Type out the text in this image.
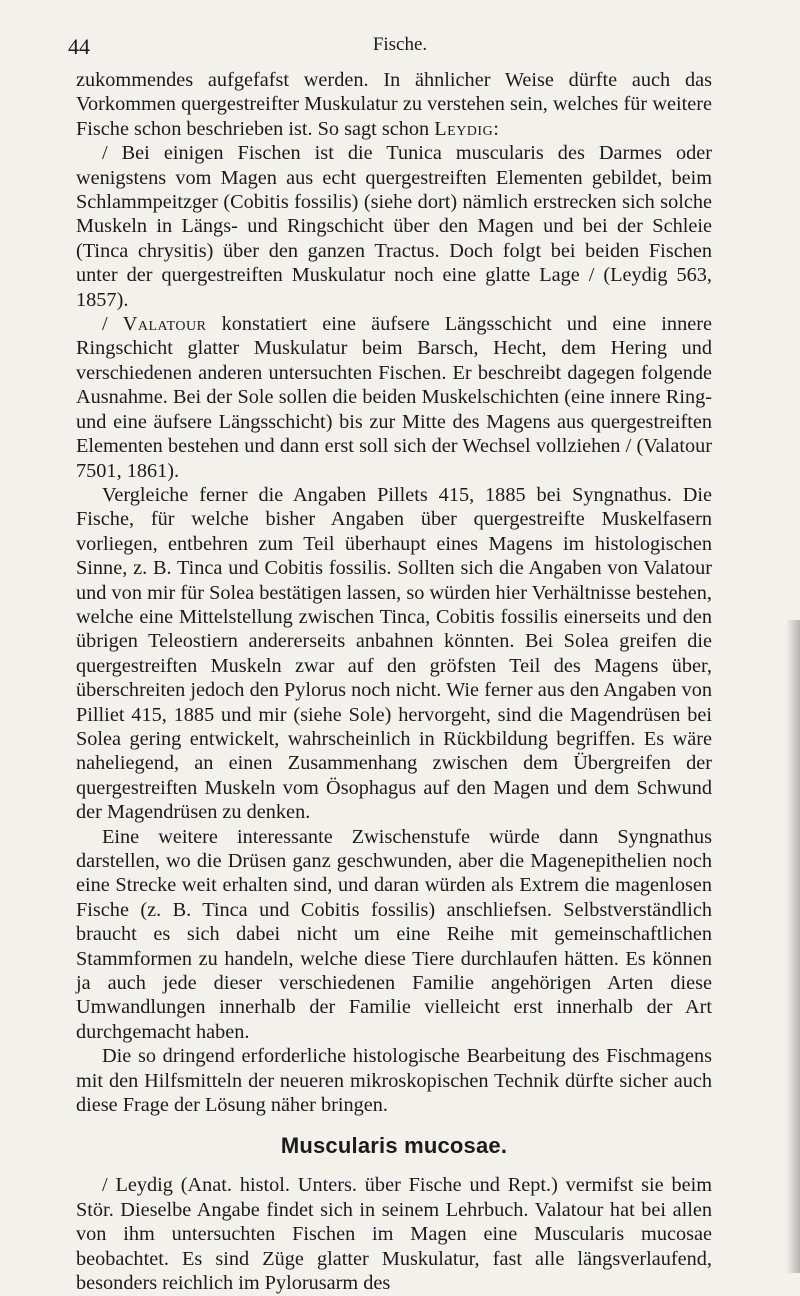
44	Fische.

zukommendes aufgefafst werden. In ähnlicher Weise dürfte auch das Vorkommen quergestreifter Muskulatur zu verstehen sein, welches für weitere Fische schon beschrieben ist. So sagt schon Leydig:

/ Bei einigen Fischen ist die Tunica muscularis des Darmes oder wenigstens vom Magen aus echt quergestreiften Elementen gebildet, beim Schlammpeitzger (Cobitis fossilis) (siehe dort) nämlich erstrecken sich solche Muskeln in Längs- und Ringschicht über den Magen und bei der Schleie (Tinca chrysitis) über den ganzen Tractus. Doch folgt bei beiden Fischen unter der quergestreiften Muskulatur noch eine glatte Lage / (Leydig 563, 1857).

/ Valatour konstatiert eine äufsere Längsschicht und eine innere Ringschicht glatter Muskulatur beim Barsch, Hecht, dem Hering und verschiedenen anderen untersuchten Fischen. Er beschreibt dagegen folgende Ausnahme. Bei der Sole sollen die beiden Muskelschichten (eine innere Ring- und eine äufsere Längsschicht) bis zur Mitte des Magens aus quergestreiften Elementen bestehen und dann erst soll sich der Wechsel vollziehen / (Valatour 7501, 1861).

Vergleiche ferner die Angaben Pillets 415, 1885 bei Syngnathus. Die Fische, für welche bisher Angaben über quergestreifte Muskelfasern vorliegen, entbehren zum Teil überhaupt eines Magens im histologischen Sinne, z. B. Tinca und Cobitis fossilis. Sollten sich die Angaben von Valatour und von mir für Solea bestätigen lassen, so würden hier Verhältnisse bestehen, welche eine Mittelstellung zwischen Tinca, Cobitis fossilis einerseits und den übrigen Teleostiern andererseits anbahnen könnten. Bei Solea greifen die quergestreiften Muskeln zwar auf den gröfsten Teil des Magens über, überschreiten jedoch den Pylorus noch nicht. Wie ferner aus den Angaben von Pilliet 415, 1885 und mir (siehe Sole) hervorgeht, sind die Magendrüsen bei Solea gering entwickelt, wahrscheinlich in Rückbildung begriffen. Es wäre naheliegend, an einen Zusammenhang zwischen dem Übergreifen der quergestreiften Muskeln vom Ösophagus auf den Magen und dem Schwund der Magendrüsen zu denken.

Eine weitere interessante Zwischenstufe würde dann Syngnathus darstellen, wo die Drüsen ganz geschwunden, aber die Magenepithelien noch eine Strecke weit erhalten sind, und daran würden als Extrem die magenlosen Fische (z. B. Tinca und Cobitis fossilis) anschliefsen. Selbstverständlich braucht es sich dabei nicht um eine Reihe mit gemeinschaftlichen Stammformen zu handeln, welche diese Tiere durchlaufen hätten. Es können ja auch jede dieser verschiedenen Familie angehörigen Arten diese Umwandlungen innerhalb der Familie vielleicht erst innerhalb der Art durchgemacht haben.

Die so dringend erforderliche histologische Bearbeitung des Fischmagens mit den Hilfsmitteln der neueren mikroskopischen Technik dürfte sicher auch diese Frage der Lösung näher bringen.

Muscularis mucosae.

/ Leydig (Anat. histol. Unters. über Fische und Rept.) vermifst sie beim Stör. Dieselbe Angabe findet sich in seinem Lehrbuch. Valatour hat bei allen von ihm untersuchten Fischen im Magen eine Muscularis mucosae beobachtet. Es sind Züge glatter Muskulatur, fast alle längsverlaufend, besonders reichlich im Pylorusarm des
